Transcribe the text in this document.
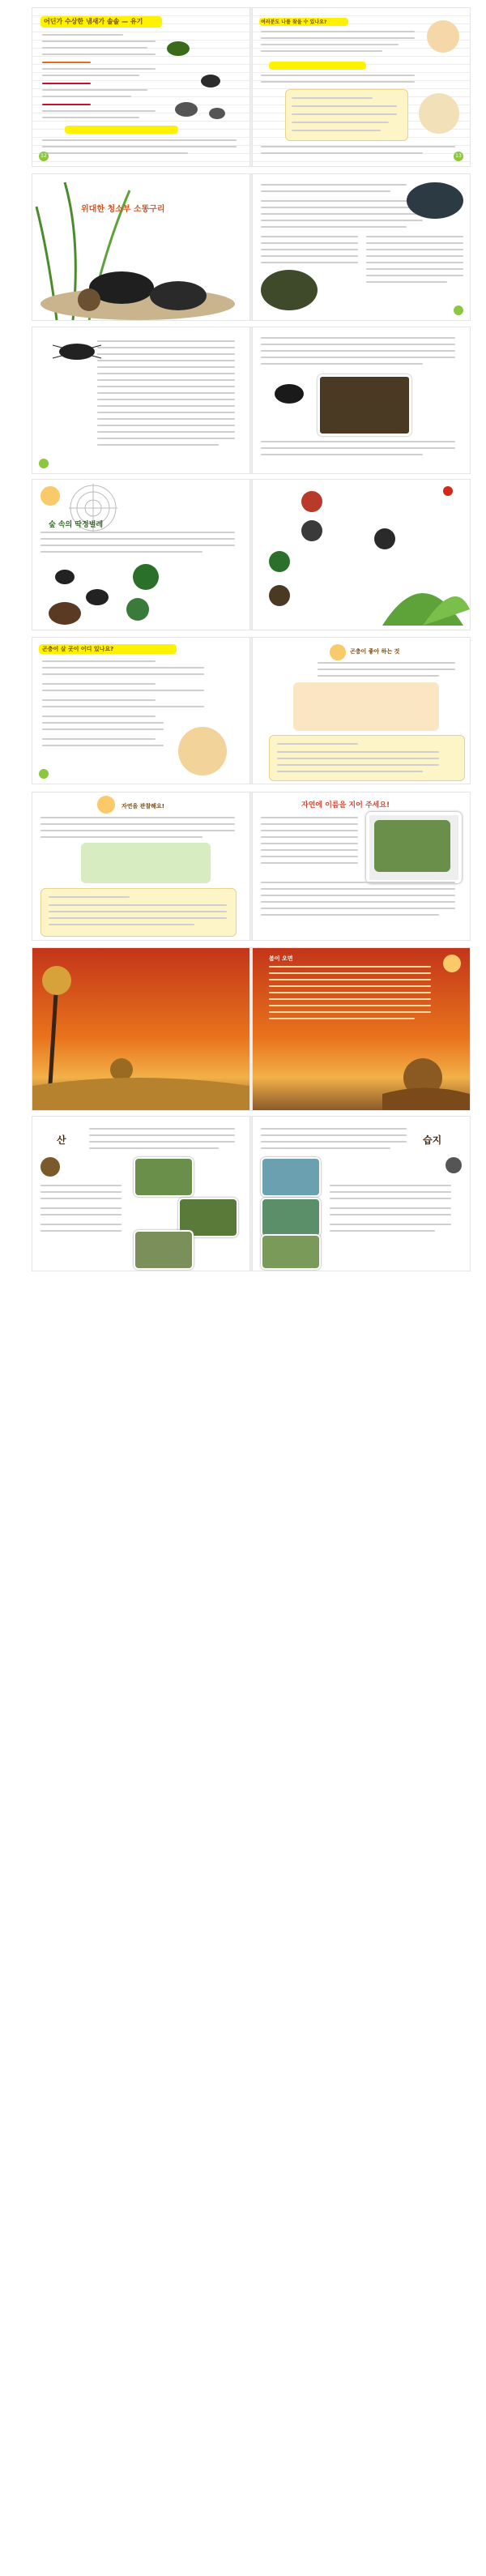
어딘가 수상한 냄새가 솔솔 — 유기
12
여러분도 나를 찾을 수 있나요?
13
위대한 청소부 소똥구리
숲 속의 딱정벌레
곤충이 살 곳이 어디 있나요?	곤충이 좋아 하는 것
자연을 관찰해요!	자연에 이름을 지어 주세요!
봄이 오면
산	습지
